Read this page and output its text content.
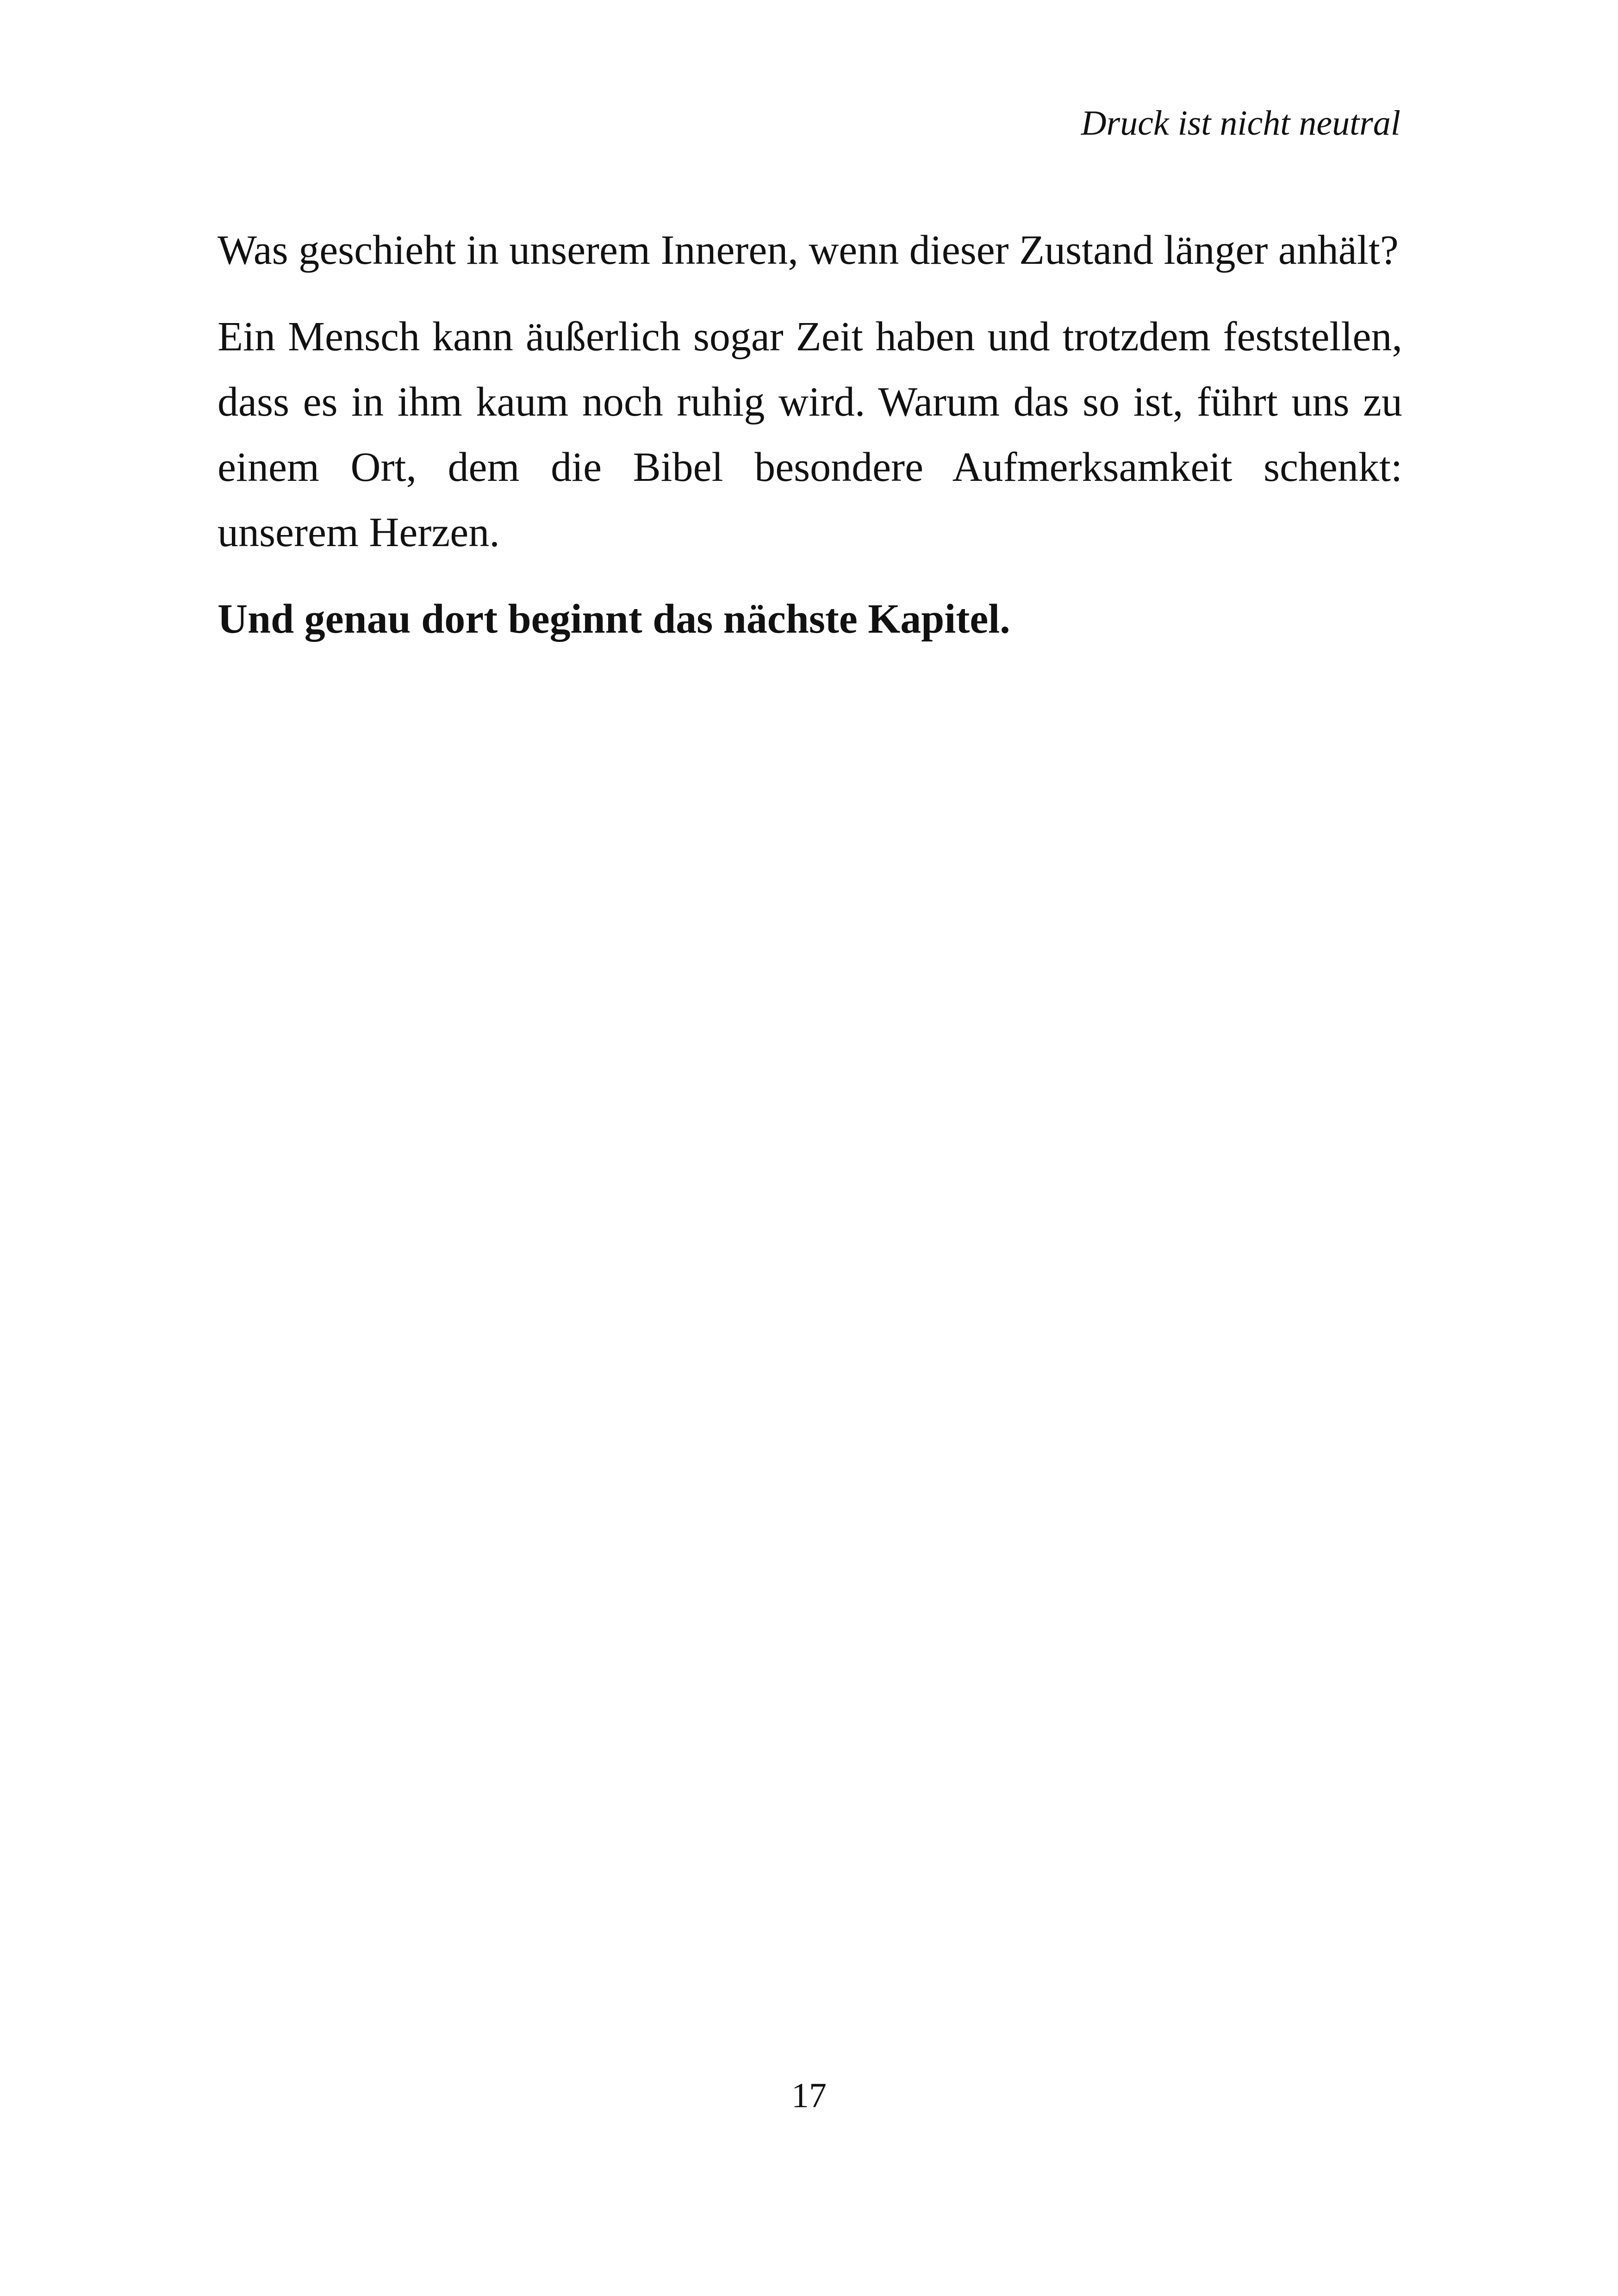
Druck ist nicht neutral

Was geschieht in unserem Inneren, wenn dieser Zustand länger anhält?

Ein Mensch kann äußerlich sogar Zeit haben und trotzdem feststellen, dass es in ihm kaum noch ruhig wird. Warum das so ist, führt uns zu einem Ort, dem die Bibel besondere Aufmerksamkeit schenkt: unserem Herzen.

Und genau dort beginnt das nächste Kapitel.

17
